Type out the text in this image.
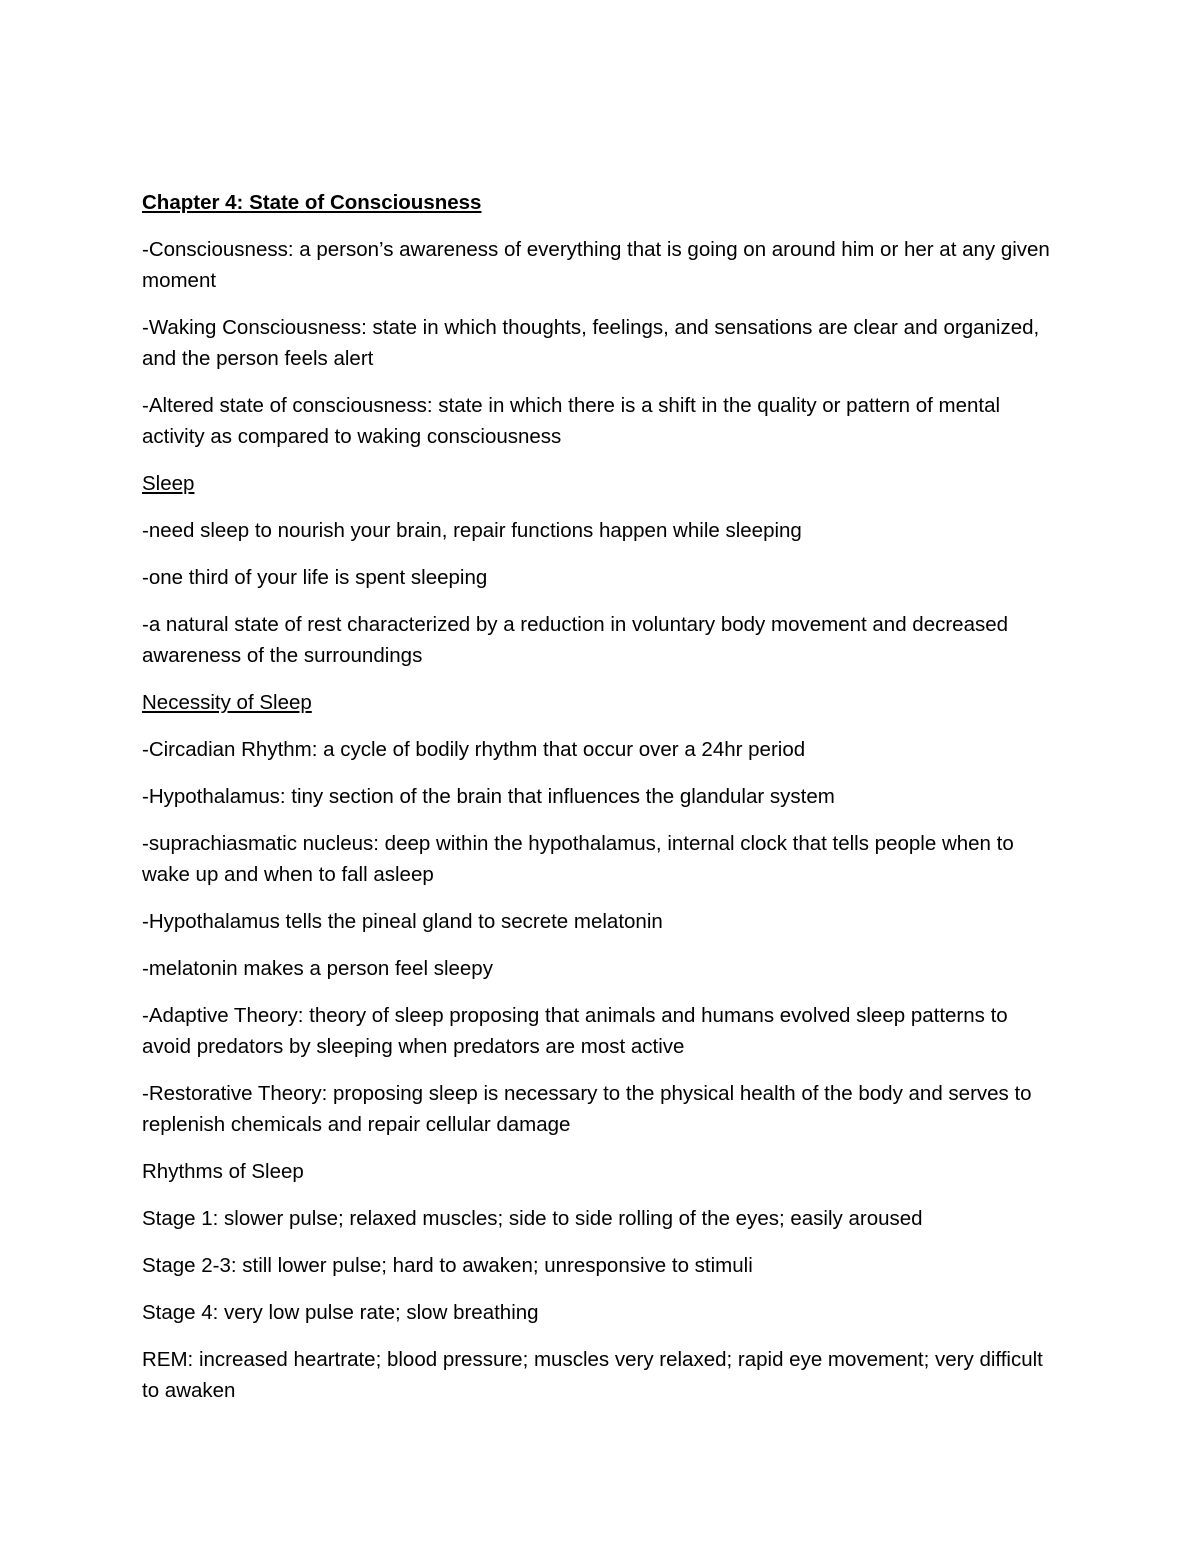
Chapter 4: State of Consciousness

-Consciousness: a person’s awareness of everything that is going on around him or her at any given moment

-Waking Consciousness: state in which thoughts, feelings, and sensations are clear and organized, and the person feels alert

-Altered state of consciousness: state in which there is a shift in the quality or pattern of mental activity as compared to waking consciousness

Sleep

-need sleep to nourish your brain, repair functions happen while sleeping

-one third of your life is spent sleeping

-a natural state of rest characterized by a reduction in voluntary body movement and decreased awareness of the surroundings

Necessity of Sleep

-Circadian Rhythm: a cycle of bodily rhythm that occur over a 24hr period

-Hypothalamus: tiny section of the brain that influences the glandular system

-suprachiasmatic nucleus: deep within the hypothalamus, internal clock that tells people when to wake up and when to fall asleep

-Hypothalamus tells the pineal gland to secrete melatonin

-melatonin makes a person feel sleepy

-Adaptive Theory: theory of sleep proposing that animals and humans evolved sleep patterns to avoid predators by sleeping when predators are most active

-Restorative Theory: proposing sleep is necessary to the physical health of the body and serves to replenish chemicals and repair cellular damage

Rhythms of Sleep

Stage 1: slower pulse; relaxed muscles; side to side rolling of the eyes; easily aroused

Stage 2-3: still lower pulse; hard to awaken; unresponsive to stimuli

Stage 4: very low pulse rate; slow breathing

REM: increased heartrate; blood pressure; muscles very relaxed; rapid eye movement; very difficult to awaken
